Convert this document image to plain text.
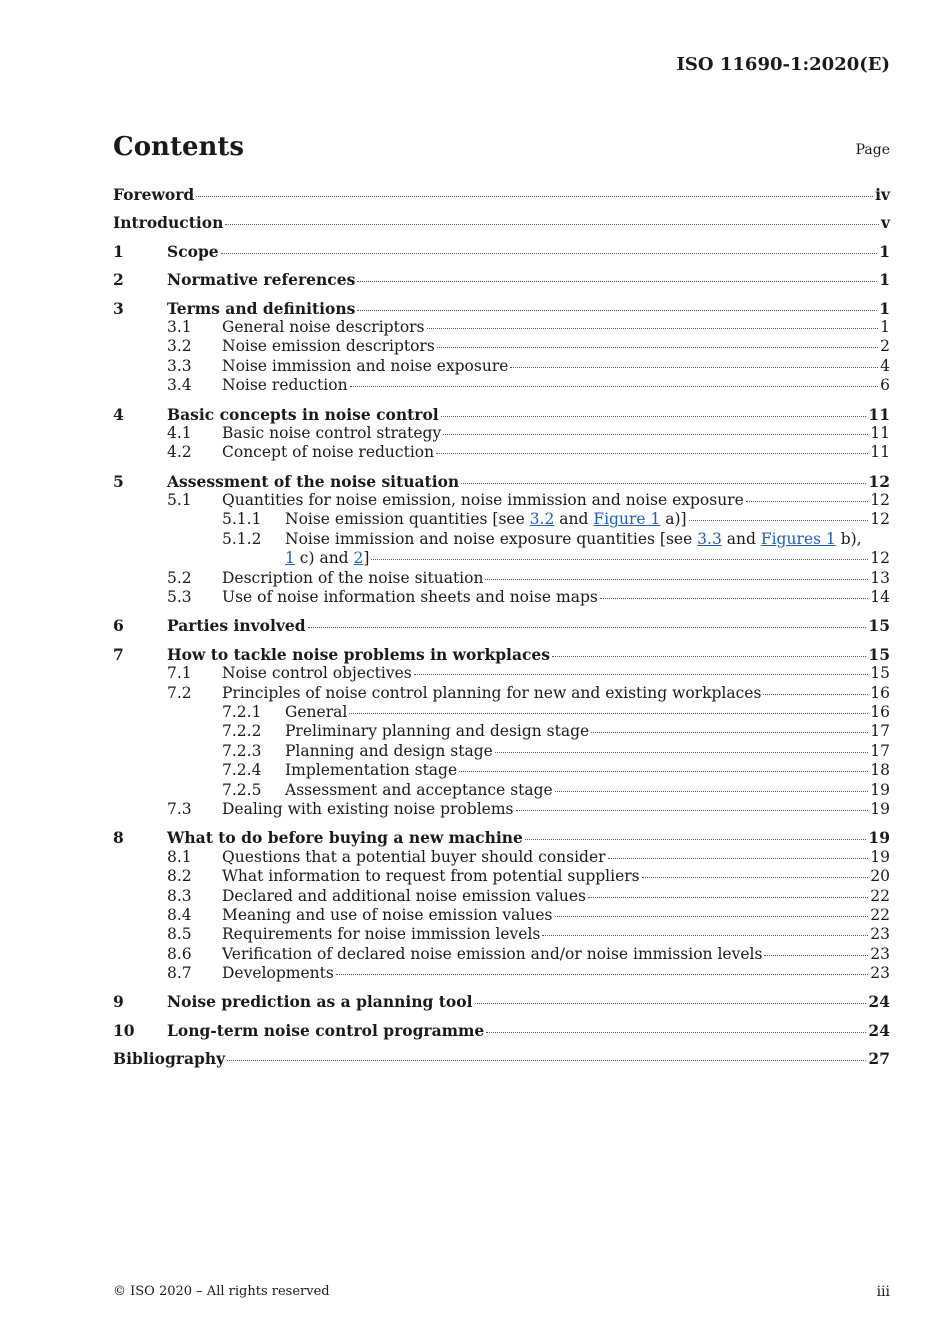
ISO 11690-1:2020(E)
Contents	Page
Foreword	iv
Introduction	v
1	Scope	1
2	Normative references	1
3	Terms and definitions	1
3.1	General noise descriptors	1
3.2	Noise emission descriptors	2
3.3	Noise immission and noise exposure	4
3.4	Noise reduction	6
4	Basic concepts in noise control	11
4.1	Basic noise control strategy	11
4.2	Concept of noise reduction	11
5	Assessment of the noise situation	12
5.1	Quantities for noise emission, noise immission and noise exposure	12
5.1.1	Noise emission quantities [see 3.2 and Figure 1 a)]	12
5.1.2	Noise immission and noise exposure quantities [see 3.3 and Figures 1 b),
1 c) and 2]	12
5.2	Description of the noise situation	13
5.3	Use of noise information sheets and noise maps	14
6	Parties involved	15
7	How to tackle noise problems in workplaces	15
7.1	Noise control objectives	15
7.2	Principles of noise control planning for new and existing workplaces	16
7.2.1	General	16
7.2.2	Preliminary planning and design stage	17
7.2.3	Planning and design stage	17
7.2.4	Implementation stage	18
7.2.5	Assessment and acceptance stage	19
7.3	Dealing with existing noise problems	19
8	What to do before buying a new machine	19
8.1	Questions that a potential buyer should consider	19
8.2	What information to request from potential suppliers	20
8.3	Declared and additional noise emission values	22
8.4	Meaning and use of noise emission values	22
8.5	Requirements for noise immission levels	23
8.6	Verification of declared noise emission and/or noise immission levels	23
8.7	Developments	23
9	Noise prediction as a planning tool	24
10	Long-term noise control programme	24
Bibliography	27
© ISO 2020 – All rights reserved	iii
